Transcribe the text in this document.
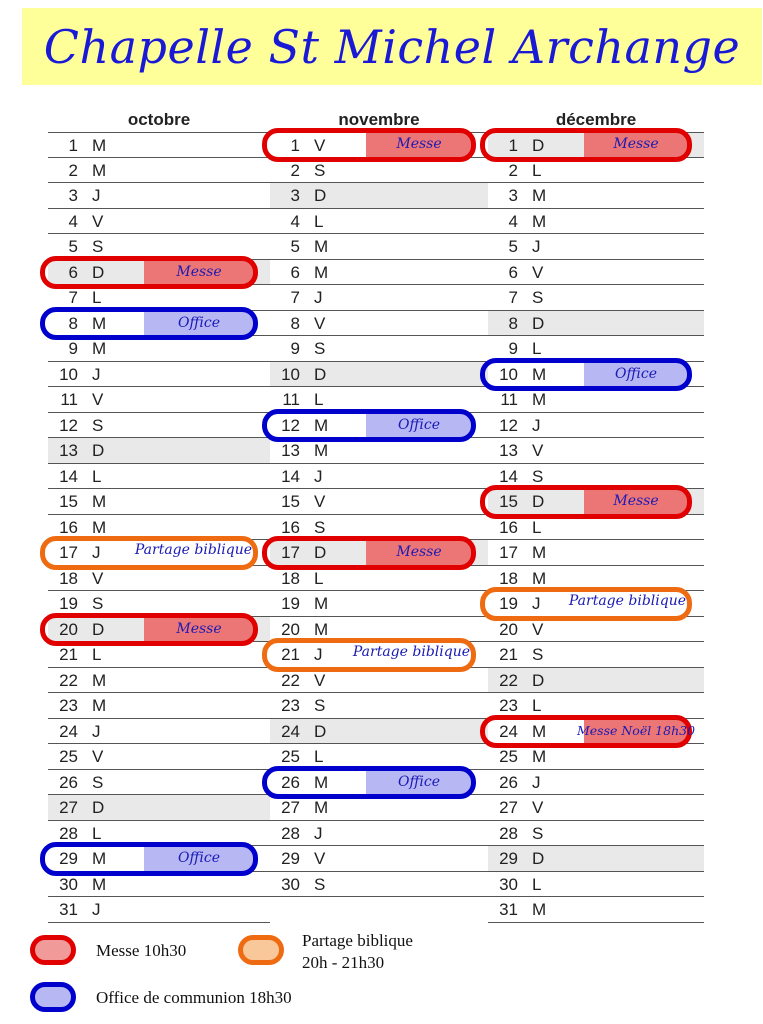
Chapelle St Michel Archange
octobre
1 M
2 M
3 J
4 V
5 S
6 D
7 L
8 M
9 M
10 J
11 V
12 S
13 D
14 L
15 M
16 M
17 J
18 V
19 S
20 D
21 L
22 M
23 M
24 J
25 V
26 S
27 D
28 L
29 M
30 M
31 J
novembre
1 V
2 S
3 D
4 L
5 M
6 M
7 J
8 V
9 S
10 D
11 L
12 M
13 M
14 J
15 V
16 S
17 D
18 L
19 M
20 M
21 J
22 V
23 S
24 D
25 L
26 M
27 M
28 J
29 V
30 S
décembre
1 D
2 L
3 M
4 M
5 J
6 V
7 S
8 D
9 L
10 M
11 M
12 J
13 V
14 S
15 D
16 L
17 M
18 M
19 J
20 V
21 S
22 D
23 L
24 M
25 M
26 J
27 V
28 S
29 D
30 L
31 M
Messe
Office
Partage biblique
Messe
Office
Messe
Office
Messe
Partage biblique
Office
Messe
Office
Messe
Partage biblique
Messe Noël 18h30
Messe 10h30
Partage biblique
20h - 21h30
Office de communion 18h30
